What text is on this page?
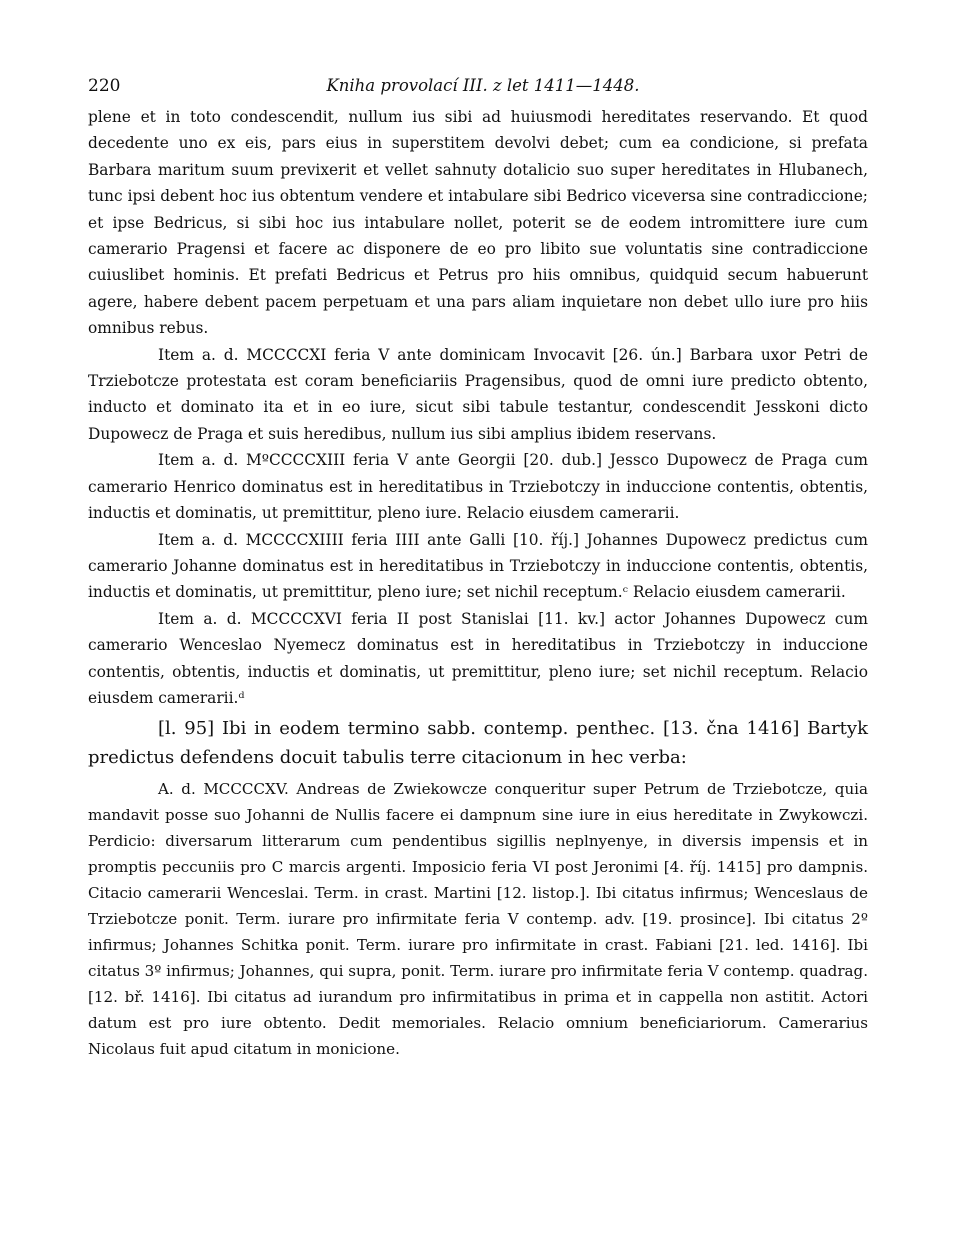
220	Kniha provolací III. z let 1411—1448.

plene et in toto condescendit, nullum ius sibi ad huiusmodi hereditates reservando. Et quod decedente uno ex eis, pars eius in superstitem devolvi debet; cum ea condicione, si prefata Barbara maritum suum previxerit et vellet sahnuty dotalicio suo super hereditates in Hlubanech, tunc ipsi debent hoc ius obtentum vendere et intabulare sibi Bedrico viceversa sine contradiccione; et ipse Bedricus, si sibi hoc ius intabulare nollet, poterit se de eodem intromittere iure cum camerario Pragensi et facere ac disponere de eo pro libito sue voluntatis sine contradiccione cuiuslibet hominis. Et prefati Bedricus et Petrus pro hiis omnibus, quidquid secum habuerunt agere, habere debent pacem perpetuam et una pars aliam inquietare non debet ullo iure pro hiis omnibus rebus.

Item a. d. MCCCCXI feria V ante dominicam Invocavit [26. ún.] Barbara uxor Petri de Trziebotcze protestata est coram beneficiariis Pragensibus, quod de omni iure predicto obtento, inducto et dominato ita et in eo iure, sicut sibi tabule testantur, condescendit Jesskoni dicto Dupowecz de Praga et suis heredibus, nullum ius sibi amplius ibidem reservans.

Item a. d. MºCCCCXIII feria V ante Georgii [20. dub.] Jessco Dupowecz de Praga cum camerario Henrico dominatus est in hereditatibus in Trziebotczy in induccione contentis, obtentis, inductis et dominatis, ut premittitur, pleno iure. Relacio eiusdem camerarii.

Item a. d. MCCCCXIIII feria IIII ante Galli [10. říj.] Johannes Dupowecz predictus cum camerario Johanne dominatus est in hereditatibus in Trziebotczy in induccione contentis, obtentis, inductis et dominatis, ut premittitur, pleno iure; set nichil receptum.ᶜ Relacio eiusdem camerarii.

Item a. d. MCCCCXVI feria II post Stanislai [11. kv.] actor Johannes Dupowecz cum camerario Wenceslao Nyemecz dominatus est in hereditatibus in Trziebotczy in induccione contentis, obtentis, inductis et dominatis, ut premittitur, pleno iure; set nichil receptum. Relacio eiusdem camerarii.ᵈ

[l. 95] Ibi in eodem termino sabb. contemp. penthec. [13. čna 1416] Bartyk predictus defendens docuit tabulis terre citacionum in hec verba:

A. d. MCCCCXV. Andreas de Zwiekowcze conqueritur super Petrum de Trziebotcze, quia mandavit posse suo Johanni de Nullis facere ei dampnum sine iure in eius hereditate in Zwykowczi. Perdicio: diversarum litterarum cum pendentibus sigillis neplnyenye, in diversis impensis et in promptis peccuniis pro C marcis argenti. Imposicio feria VI post Jeronimi [4. říj. 1415] pro dampnis. Citacio camerarii Wenceslai. Term. in crast. Martini [12. listop.]. Ibi citatus infirmus; Wenceslaus de Trziebotcze ponit. Term. iurare pro infirmitate feria V contemp. adv. [19. prosince]. Ibi citatus 2º infirmus; Johannes Schitka ponit. Term. iurare pro infirmitate in crast. Fabiani [21. led. 1416]. Ibi citatus 3º infirmus; Johannes, qui supra, ponit. Term. iurare pro infirmitate feria V contemp. quadrag. [12. bř. 1416]. Ibi citatus ad iurandum pro infirmitatibus in prima et in cappella non astitit. Actori datum est pro iure obtento. Dedit memoriales. Relacio omnium beneficiariorum. Camerarius Nicolaus fuit apud citatum in monicione.
